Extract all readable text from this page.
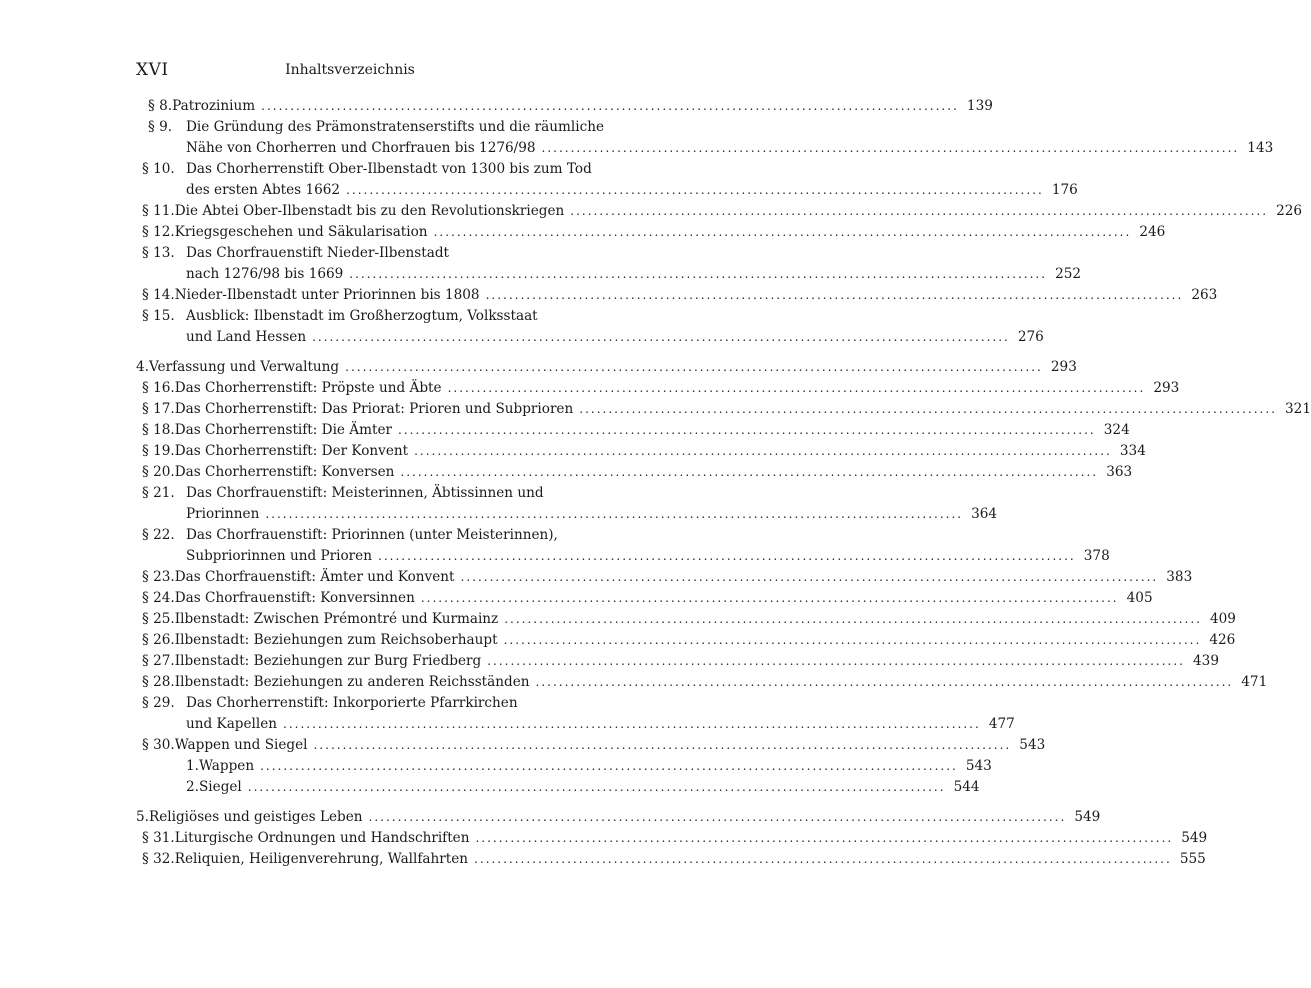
XVI	Inhaltsverzeichnis
§ 8. Patrozinium ........................................................................................................................ 139
§ 9.	Die Gründung des Prämonstratenserstifts und die räumliche
Nähe von Chorherren und Chorfrauen bis 1276/98 ........................................................................................................................ 143
§ 10. Das Chorherrenstift Ober-Ilbenstadt von 1300 bis zum Tod
des ersten Abtes 1662 ........................................................................................................................ 176
§ 11. Die Abtei Ober-Ilbenstadt bis zu den Revolutionskriegen ........................................................................................................................ 226
§ 12. Kriegsgeschehen und Säkularisation ........................................................................................................................ 246
§ 13. Das Chorfrauenstift Nieder-Ilbenstadt
nach 1276/98 bis 1669 ........................................................................................................................ 252
§ 14. Nieder-Ilbenstadt unter Priorinnen bis 1808 ........................................................................................................................ 263
§ 15. Ausblick: Ilbenstadt im Großherzogtum, Volksstaat
und Land Hessen ........................................................................................................................ 276
4. Verfassung und Verwaltung ........................................................................................................................ 293
§ 16. Das Chorherrenstift: Pröpste und Äbte ........................................................................................................................ 293
§ 17. Das Chorherrenstift: Das Priorat: Prioren und Subprioren ........................................................................................................................ 321
§ 18. Das Chorherrenstift: Die Ämter ........................................................................................................................ 324
§ 19. Das Chorherrenstift: Der Konvent ........................................................................................................................ 334
§ 20. Das Chorherrenstift: Konversen ........................................................................................................................ 363
§ 21. Das Chorfrauenstift: Meisterinnen, Äbtissinnen und
Priorinnen ........................................................................................................................ 364
§ 22. Das Chorfrauenstift: Priorinnen (unter Meisterinnen),
Subpriorinnen und Prioren ........................................................................................................................ 378
§ 23. Das Chorfrauenstift: Ämter und Konvent ........................................................................................................................ 383
§ 24. Das Chorfrauenstift: Konversinnen ........................................................................................................................ 405
§ 25. Ilbenstadt: Zwischen Prémontré und Kurmainz ........................................................................................................................ 409
§ 26. Ilbenstadt: Beziehungen zum Reichsoberhaupt ........................................................................................................................ 426
§ 27. Ilbenstadt: Beziehungen zur Burg Friedberg ........................................................................................................................ 439
§ 28. Ilbenstadt: Beziehungen zu anderen Reichsständen ........................................................................................................................ 471
§ 29. Das Chorherrenstift: Inkorporierte Pfarrkirchen
und Kapellen ........................................................................................................................ 477
§ 30. Wappen und Siegel ........................................................................................................................ 543
1. Wappen ........................................................................................................................ 543
2. Siegel ........................................................................................................................ 544
5. Religiöses und geistiges Leben ........................................................................................................................ 549
§ 31. Liturgische Ordnungen und Handschriften ........................................................................................................................ 549
§ 32. Reliquien, Heiligenverehrung, Wallfahrten ........................................................................................................................ 555
